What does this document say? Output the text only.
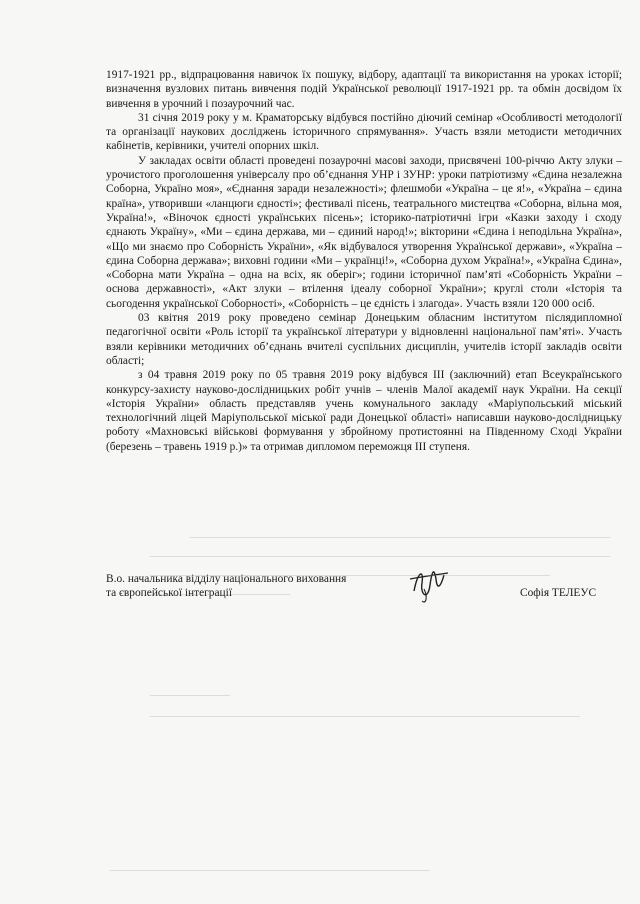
1917-1921 рр., відпрацювання навичок їх пошуку, відбору, адаптації та використання на уроках історії; визначення вузлових питань вивчення подій Української революції 1917-1921 рр. та обмін досвідом їх вивчення в урочний і позаурочний час.

31 січня 2019 року у м. Краматорську відбувся постійно діючий семінар «Особливості методології та організації наукових досліджень історичного спрямування». Участь взяли методисти методичних кабінетів, керівники, учителі опорних шкіл.

У закладах освіти області проведені позаурочні масові заходи, присвячені 100-річчю Акту злуки – урочистого проголошення універсалу про об’єднання УНР і ЗУНР: уроки патріотизму «Єдина незалежна Соборна, Україно моя», «Єднання заради незалежності»; флешмоби «Україна – це я!», «Україна – єдина країна», утворивши «ланцюги єдності»; фестивалі пісень, театрального мистецтва «Соборна, вільна моя, Україна!», «Віночок єдності українських пісень»; історико-патріотичні ігри «Казки заходу і сходу єднають Україну», «Ми – єдина держава, ми – єдиний народ!»; вікторини «Єдина і неподільна Україна», «Що ми знаємо про Соборність України», «Як відбувалося утворення Української держави», «Україна – єдина Соборна держава»; виховні години «Ми – українці!», «Соборна духом Україна!», «Україна Єдина», «Соборна мати Україна – одна на всіх, як оберіг»; години історичної пам’яті «Соборність України – основа державності», «Акт злуки – втілення ідеалу соборної України»; круглі столи «Історія та сьогодення української Соборності», «Соборність – це єдність і злагода». Участь взяли 120 000 осіб.

03 квітня 2019 року проведено семінар Донецьким обласним інститутом післядипломної педагогічної освіти «Роль історії та української літератури у відновленні національної пам’яті». Участь взяли керівники методичних об’єднань вчителі суспільних дисциплін, учителів історії закладів освіти області;

з 04 травня 2019 року по 05 травня 2019 року відбувся ІІІ (заключний) етап Всеукраїнського конкурсу-захисту науково-дослідницьких робіт учнів – членів Малої академії наук України. На секції «Історія України» область представляв учень комунального закладу «Маріупольський міський технологічний ліцей Маріупольської міської ради Донецької області» написавши науково-дослідницьку роботу «Махновські військові формування у збройному протистоянні на Південному Сході України (березень – травень 1919 р.)» та отримав дипломом переможця ІІІ ступеня.

В.о. начальника відділу національного виховання
та європейської інтеграції	Софія ТЕЛЕУС
